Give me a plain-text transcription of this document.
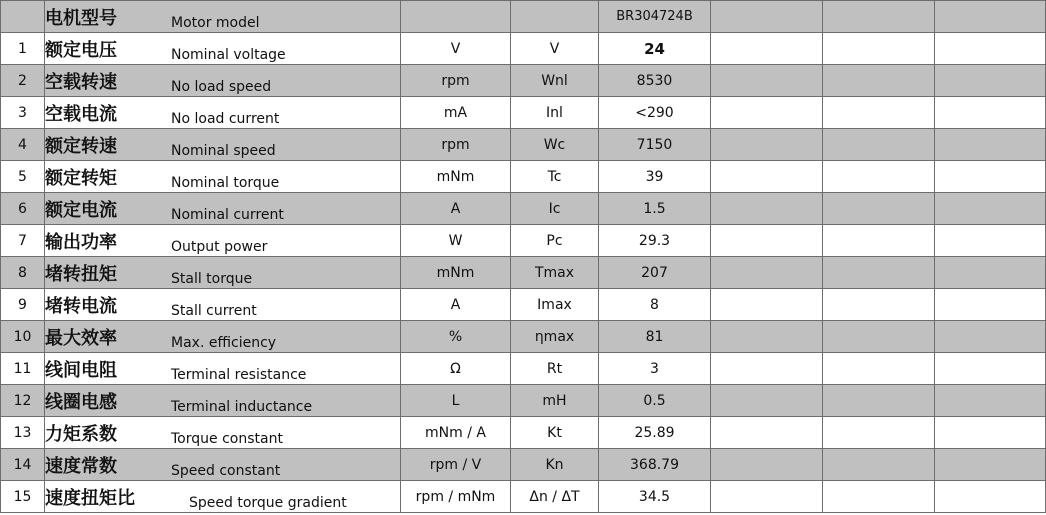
	电机型号 Motor model			BR304724B			
1	额定电压 Nominal voltage	V	V	24			
2	空载转速 No load speed	rpm	Wnl	8530			
3	空载电流 No load current	mA	Inl	<290			
4	额定转速 Nominal speed	rpm	Wc	7150			
5	额定转矩 Nominal torque	mNm	Tc	39			
6	额定电流 Nominal current	A	Ic	1.5			
7	输出功率 Output power	W	Pc	29.3			
8	堵转扭矩 Stall torque	mNm	Tmax	207			
9	堵转电流 Stall current	A	Imax	8			
10	最大效率 Max. efficiency	%	ηmax	81			
11	线间电阻 Terminal resistance	Ω	Rt	3			
12	线圈电感 Terminal inductance	L	mH	0.5			
13	力矩系数 Torque constant	mNm / A	Kt	25.89			
14	速度常数 Speed constant	rpm / V	Kn	368.79			
15	速度扭矩比 Speed torque gradient	rpm / mNm	Δn / ΔT	34.5			
